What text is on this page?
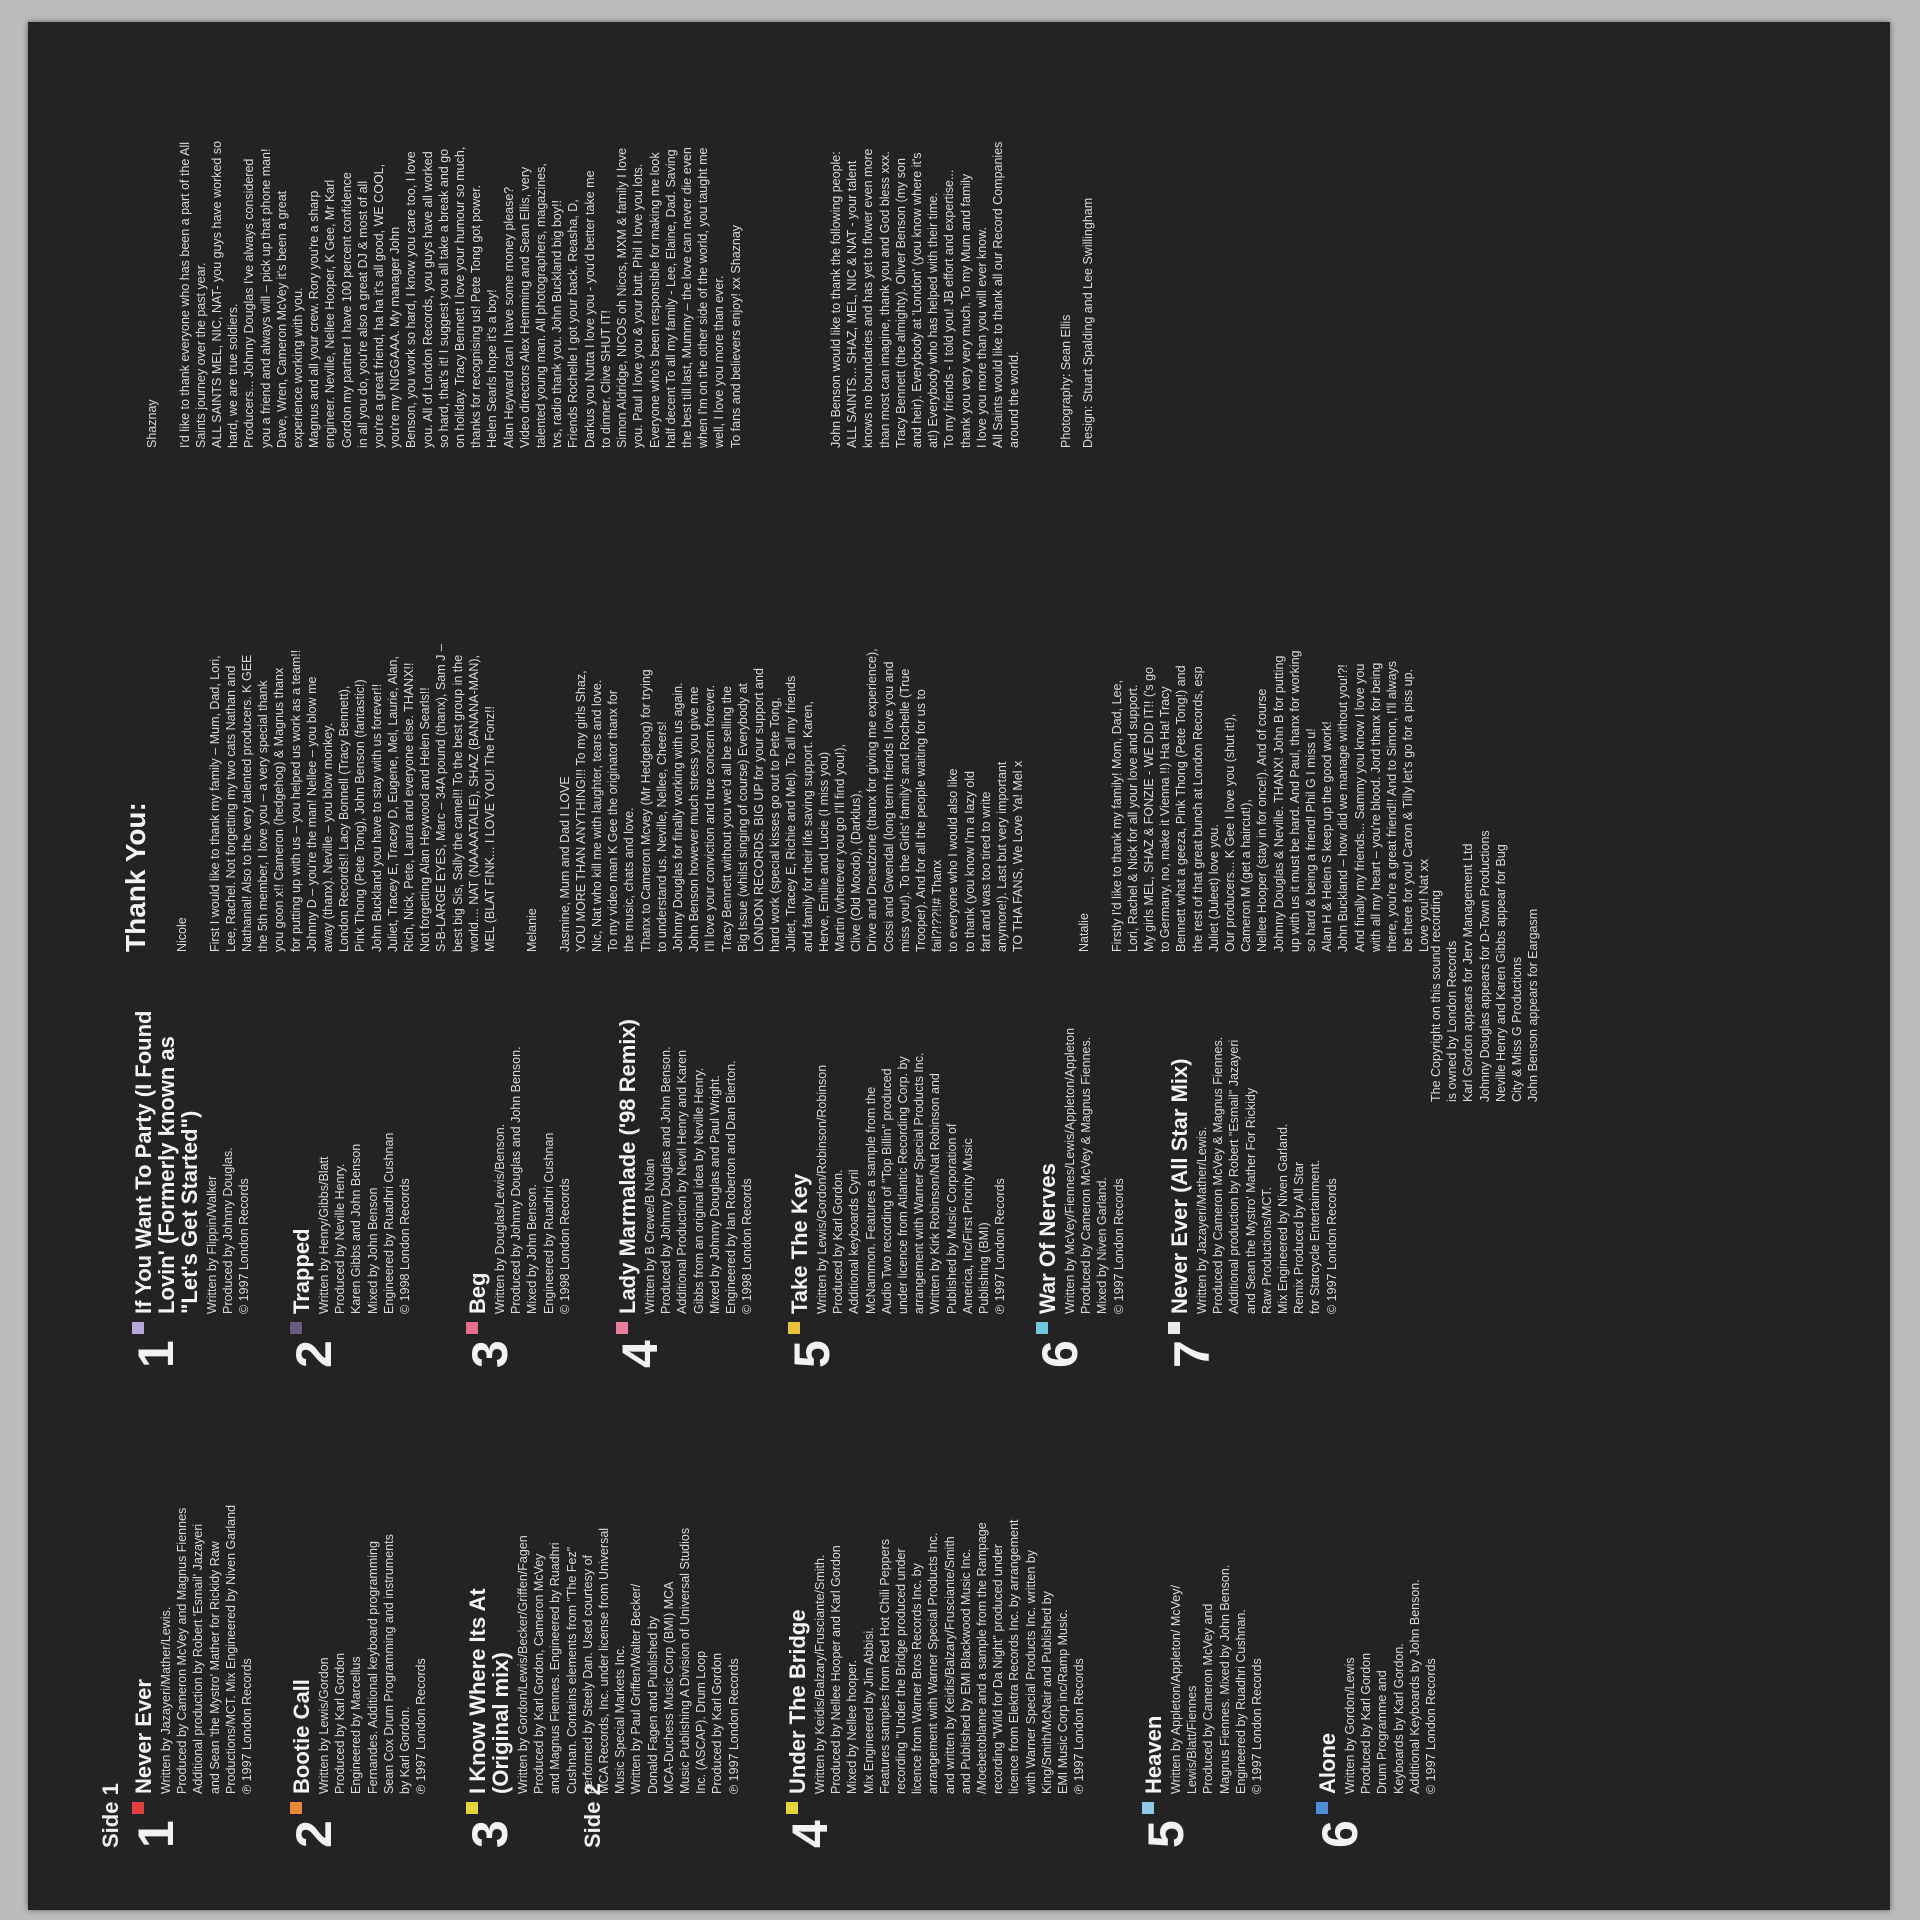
Side 1 1
Never Ever Written by Jazayeri/Mather/Lewis.
Produced by Cameron McVey and Magnus Fiennes
Additional production by Robert 'Esmail' Jazayeri
and Sean 'the Mystro' Mather for Rickidy Raw
Productions/MCT. Mix Engineered by Niven Garland
℗ 1997 London Records
2
Bootie Call Written by Lewis/Gordon
Produced by Karl Gordon
Engineered by Marcellus
Fernandes. Additional keyboard programming
Sean Cox Drum Programming and instruments
by Karl Gordon.
℗ 1997 London Records
3
I Know Where Its At
(Original mix)
Written by Gordon/Lewis/Becker/Griffen/Fagen
Produced by Karl Gordon, Cameron McVey
and Magnus Fiennes. Engineered by Ruadhri
Cushnan. Contains elements from "The Fez"
performed by Steely Dan. Used courtesy of
MCA Records, Inc. under license from Universal
Music Special Markets Inc.
Written by Paul Griffen/Walter Becker/
Donald Fagen and Published by
MCA-Duchess Music Corp (BMI) MCA
Music Publishing A Division of Universal Studios
Inc. (ASCAP). Drum Loop
Produced by Karl Gordon
℗ 1997 London Records
4
Under The Bridge Written by Keidis/Balzary/Frusciante/Smith.
Produced by Nellee Hooper and Karl Gordon
Mixed by Nellee hooper.
Mix Engineered by Jim Abbisi.
Features samples from Red Hot Chili Peppers
recording "Under the Bridge produced under
licence from Warner Bros Records Inc. by
arrangement with Warner Special Products Inc.
and written by Keidis/Balzary/Frusciante/Smith
and Published by EMI Blackwood Music Inc.
/Moebetoblame and a sample from the Rampage
recording "Wild for Da Night" produced under
licence from Elektra Records Inc. by arrangement
with Warner Special Products Inc. written by
King/Smith/McNair and Published by
EMI Music Corp inc/Ramp Music.
℗ 1997 London Records
5
Heaven Written by Appleton/Appleton/ McVey/
Lewis/Blatt/Fiennes
Produced by Cameron McVey and
Magnus Fiennes. Mixed by John Benson.
Engineered by Ruadhri Cushnan.
© 1997 London Records
6
Alone Written by Gordon/Lewis
Produced by Karl Gordon
Drum Programme and
Keyboards by Karl Gordon.
Additional Keyboards by John Benson.
© 1997 London Records
Side 2
1
If You Want To Party (I Found
Lovin' (Formerly known as
"Let's Get Started")
Written by Flippin/Walker
Produced by Johnny Douglas.
© 1997 London Records
2
Trapped Written by Henry/Gibbs/Blatt
Produced by Neville Henry.
Karen Gibbs and John Benson
Mixed by John Benson
Engineered by Ruadhri Cushnan
© 1998 London Records
3
Beg Written by Douglas/Lewis/Benson.
Produced by Johnny Douglas and John Benson.
Mixed by John Benson.
Engineered by Ruadhri Cushnan
© 1998 London Records
4
Lady Marmalade ('98 Remix) Written by B Crewe/B Nolan
Produced by Johnny Douglas and John Benson.
Additional Production by Nevil Henry and Karen
Gibbs from an original idea by Neville Henry.
Mixed by Johnny Douglas and Paul Wright.
Engineered by Ian Roberton and Dan Bierton.
© 1998 London Records
5
Take The Key Written by Lewis/Gordon/Robinson/Robinson
Produced by Karl Gordon.
Additional keyboards Cyril
McNammon. Features a sample from the
Audio Two recording of "Top Billin" produced
under licence from Atlantic Recording Corp. by
arrangement with Warner Special Products Inc.
Written by Kirk Robinson/Nat Robinson and
Published by Music Corporation of
America, Inc/First Priority Music
Publishing (BMI)
℗ 1997 London Records
6
War Of Nerves Written by McVey/Fiennes/Lewis/Appleton/Appleton
Produced by Cameron McVey & Magnus Fiennes.
Mixed by Niven Garland.
© 1997 London Records
7
Never Ever (All Star Mix) Written by Jazayeri/Mather/Lewis.
Produced by Cameron McVey & Magnus Fiennes.
Additional production by Robert "Esmail" Jazayeri
and Sean the Mystro' Mather For Rickidy
Raw Productions/MCT.
Mix Engineered by Niven Garland.
Remix Produced by All Star
for Starcycle Entertainment.
© 1997 London Records
The Copyright on this sound recording
is owned by London Records
Karl Gordon appears for Jerv Management Ltd
Johnny Douglas appears for D-Town Productions
Neville Henry and Karen Gibbs appear for Bug
City & Miss G Productions
John Benson appears for Eargasm
Thank You: Nicole First I would like to thank my family – Mum, Dad, Lori,
Lee, Rachel. Not forgetting my two cats Nathan and
Nathanial! Also to the very talented producers. K GEE
the 5th member, I love you – a very special thank
you goon x!! Cameron (hedgehog) & Magnus thanx
for putting up with us – you helped us work as a team!!
Johnny D – you're the man! Nellee – you blow me
away (thanx). Neville – you blow monkey.
London Records!! Lacy Bonnell (Tracy Bennett),
Pink Thong (Pete Tong), John Benson (fantastic!)
John Buckland you have to stay with us forever!!
Juliet, Tracey E, Tracey D, Eugene, Mel, Laurie, Alan,
Rich, Nick, Pete, Laura and everyone else. THANX!!
Not forgetting Alan Heywood and Helen Searls!!
S-B-LARGE EYES, Marc – 34A pound (thanx), Sam J –
best big Sis, Sally the camel!! To the best group in the
world.... NAT (NAAAATALIE), SHAZ (BANANA-MAN),
MEL (BLAT FINK... I LOVE YOU! The Fonz!!

Melanie Jasmine, Mum and Dad I LOVE
YOU MORE THAN ANYTHING!!! To my girls Shaz,
Nic, Nat who kill me with laughter, tears and love.
To my video man K Gee the originator thanx for
the music, chats and love.
Thanx to Cameron Mcvey (Mr Hedgehog) for trying
to understand us. Neville, Nellee, Cheers!
Johnny Douglas for finally working with us again.
John Benson however much stress you give me
I'll love your conviction and true concern forever.
Tracy Bennett without you we'd all be selling the
Big Issue (whilst singing of course) Everybody at
LONDON RECORDS. BIG UP for your support and
hard work (special kisses go out to Pete Tong,
Juliet, Tracey E, Richie and Mel). To all my friends
and family for their life saving support. Karen,
Herve, Emilie and Lucie (I miss you)
Martin (wherever you go I'll find you!),
Clive (Old Moodo), (Darklus),
Drive and Dreadzone (thanx for giving me experience),
Cossi and Gwendal (long term friends I love you and
miss you!). To the Girls' family's and Rochelle (True
Trooper). And for all the people waiting for us to
fail?!??!!# Thanx
to everyone who I would also like
to thank (you know I'm a lazy old
fart and was too tired to write
anymore!). Last but very important
TO THA FANS, We Love Ya! Mel x

Natalie Firstly I'd like to thank my family! Mom, Dad, Lee,
Lori, Rachel & Nick for all your love and support.
My girls MEL, SHAZ & FONZIE - WE DID IT!! ('s go
to Germany, no, make it Vienna !!) Ha Ha! Tracy
Bennett what a geeza, Pink Thong (Pete Tong!) and
the rest of that great bunch at London Records, esp
Juliet (Juleet) love you.
Our producers... K Gee I love you (shut it!),
Cameron M (get a haircut!),
Nellee Hooper (stay in for once!). And of course
Johnny Douglas & Neville. THANX! John B for putting
up with us it must be hard. And Paul, thanx for working
so hard & being a friend! Phil G I miss u!
Alan H & Helen S keep up the good work!
John Buckland – how did we manage without you!?!
And finally my friends... Sammy you know I love you
with all my heart – you're blood. Jord thanx for being
there, you're a great friend!! And to Simon, I'll always
be there for you! Caron & Tilly let's go for a piss up.
Love you! Nat xx

Shaznay I'd like to thank everyone who has been a part of the All
Saints journey over the past year.
ALL SAINTS MEL, NIC, NAT- you guys have worked so
hard, we are true soldiers.
Producers... Johnny Douglas I've always considered
you a friend and always will – pick up that phone man!
Dave, Wren, Cameron McVey it's been a great
experience working with you.
Magnus and all your crew. Rory you're a sharp
engineer. Neville, Nellee Hooper, K Gee, Mr Karl
Gordon my partner I have 100 percent confidence
in all you do, you're also a great DJ & most of all
you're a great friend, ha ha it's all good, WE COOL,
you're my NIGGAAA. My manager John
Benson, you work so hard, I know you care too, I love
you. All of London Records, you guys have all worked
so hard, that's it! I suggest you all take a break and go
on holiday. Tracy Bennett I love your humour so much,
thanks for recognising us! Pete Tong got power.
Helen Searls hope it's a boy!
Alan Heyward can I have some money please?
Video directors Alex Hemming and Sean Ellis, very
talented young man. All photographers, magazines,
tvs, radio thank you. John Buckland big boy!!
Friends Rochelle I got your back. Reasha, D,
Darkus you Nutta I love you - you'd better take me
to dinner. Clive SHUT IT!
Simon Aldridge, NICOS oh Nicos, MXM & family I love
you. Paul I love you & your butt. Phil I love you lots.
Everyone who's been responsible for making me look
half decent To all my family - Lee, Elaine, Dad. Saving
the best till last, Mummy – the love can never die even
when I'm on the other side of the world, you taught me
well, I love you more than ever.
To fans and believers enjoy! xx Shaznay

John Benson would like to thank the following people:
ALL SAINTS... SHAZ, MEL, NIC & NAT - your talent
knows no boundaries and has yet to flower even more
than most can imagine, thank you and God bless xxx.
Tracy Bennett (the almighty). Oliver Benson (my son
and heir). Everybody at 'London' (you know where it's
at!) Everybody who has helped with their time.
To my friends - I told you! JB effort and expertise...
thank you very very much. To my Mum and family
I love you more than you will ever know.
All Saints would like to thank all our Record Companies
around the world.	Photography: Sean Ellis Design: Stuart Spalding and Lee Swillingham
